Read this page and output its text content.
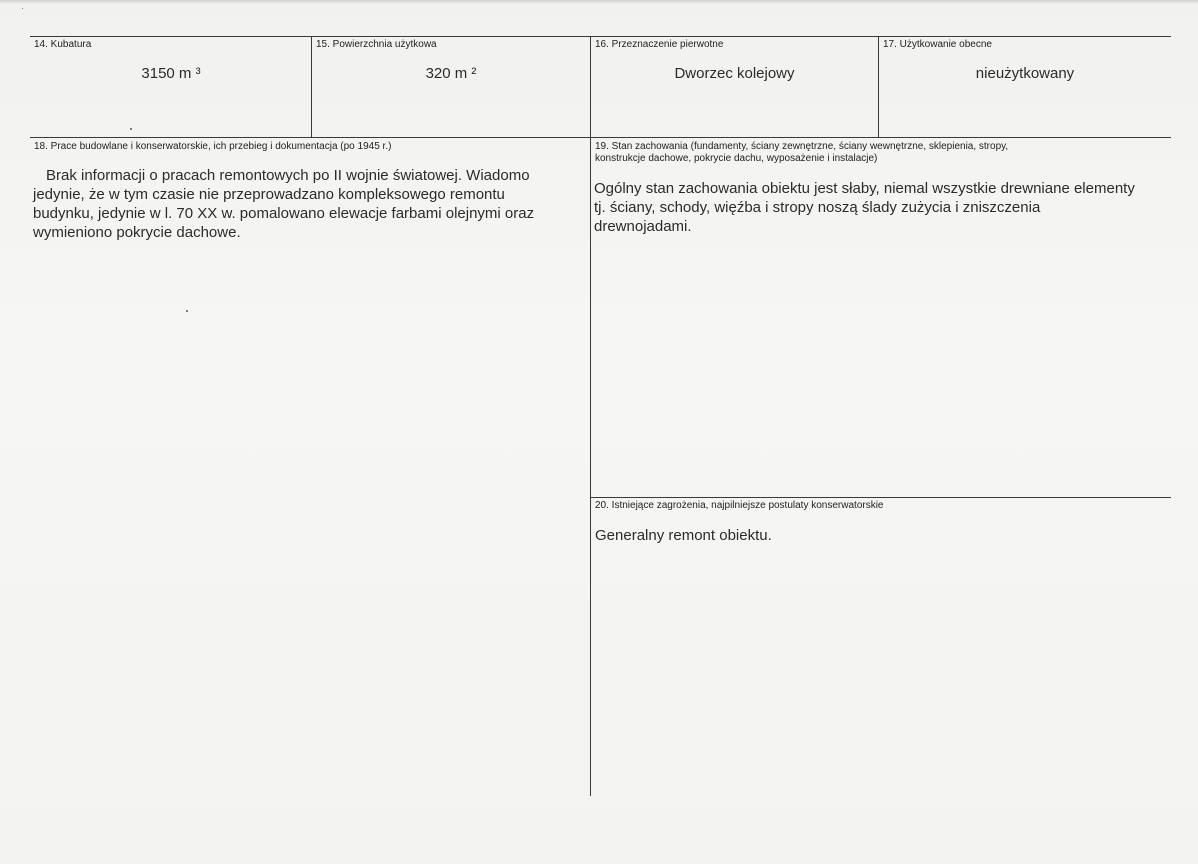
14. Kubatura
3150 m ³
15. Powierzchnia użytkowa
320 m ²
16. Przeznaczenie pierwotne
Dworzec kolejowy
17. Użytkowanie obecne
nieużytkowany
18. Prace budowlane i konserwatorskie, ich przebieg i dokumentacja (po 1945 r.)
Brak informacji o pracach remontowych po II wojnie światowej. Wiadomo
jedynie, że w tym czasie nie przeprowadzano kompleksowego remontu
budynku, jedynie w l. 70 XX w. pomalowano elewacje farbami olejnymi oraz
wymieniono pokrycie dachowe.
19. Stan zachowania (fundamenty, ściany zewnętrzne, ściany wewnętrzne, sklepienia, stropy,
konstrukcje dachowe, pokrycie dachu, wyposażenie i instalacje)
Ogólny stan zachowania obiektu jest słaby, niemal wszystkie drewniane elementy
tj. ściany, schody, więźba i stropy noszą ślady zużycia i zniszczenia
drewnojadami.
20. Istniejące zagrożenia, najpilniejsze postulaty konserwatorskie
Generalny remont obiektu.
